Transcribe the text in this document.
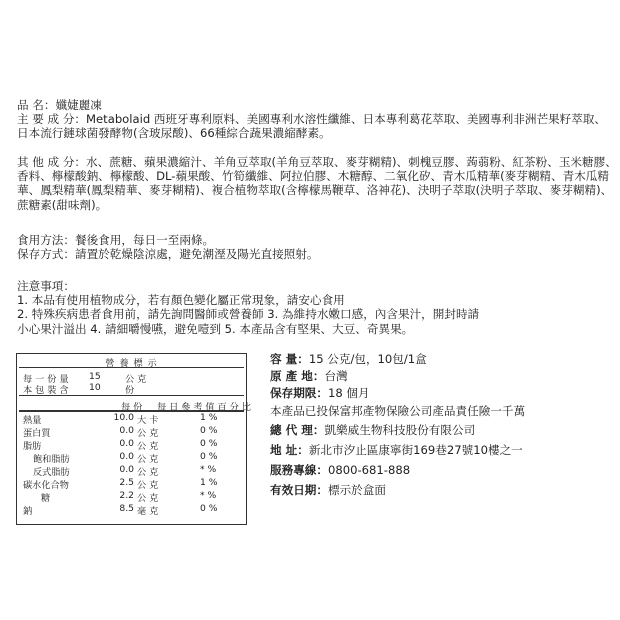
品 名：孅婕麗凍
主 要 成 分：Metabolaid 西班牙專利原料、美國專利水溶性纖維、日本專利葛花萃取、美國專利非洲芒果籽萃取、
日本流行鏈球菌發酵物(含玻尿酸)、66種綜合蔬果濃縮酵素。
其 他 成 分：水、蔗糖、蘋果濃縮汁、羊角豆萃取(羊角豆萃取、麥芽糊精)、刺槐豆膠、蒟蒻粉、紅茶粉、玉米糖膠、
香料、檸檬酸鈉、檸檬酸、DL-蘋果酸、竹筍纖維、阿拉伯膠、木糖醇、二氧化矽、青木瓜精華(麥芽糊精、青木瓜精
華、鳳梨精華(鳳梨精華、麥芽糊精)、複合植物萃取(含檸檬馬鞭草、洛神花)、決明子萃取(決明子萃取、麥芽糊精)、
蔗糖素(甜味劑)。
食用方法：餐後食用，每日一至兩條。
保存方式：請置於乾燥陰涼處，避免潮溼及陽光直接照射。
注意事項：
1. 本品有使用植物成分，若有顏色變化屬正常現象，請安心食用
2. 特殊疾病患者食用前，請先詢問醫師或營養師 3. 為維持水嫩口感，內含果汁，開封時請
小心果汁溢出 4. 請細嚼慢嚥，避免噎到 5. 本產品含有堅果、大豆、奇異果。
營 養 標 示
每 一 份 量 15	公 克
本 包 裝 含 10	份
每 份 每 日 參 考 值 百 分 比
熱量	10.0 大 卡	1 %
蛋白質	0.0 公 克	0 %
脂肪	0.0 公 克	0 %
飽和脂肪	0.0 公 克	0 %
反式脂肪	0.0 公 克	* %
碳水化合物	2.5 公 克	1 %
糖	2.2 公 克	* %
鈉	8.5 毫 克	0 %
容 量：15 公克/包，10包/1盒
原 產 地：台灣
保存期限：18 個月
本產品已投保富邦產物保險公司產品責任險一千萬
總 代 理：凱樂威生物科技股份有限公司
地 址：新北市汐止區康寧街169巷27號10樓之一
服務專線：0800-681-888
有效日期：標示於盒面
